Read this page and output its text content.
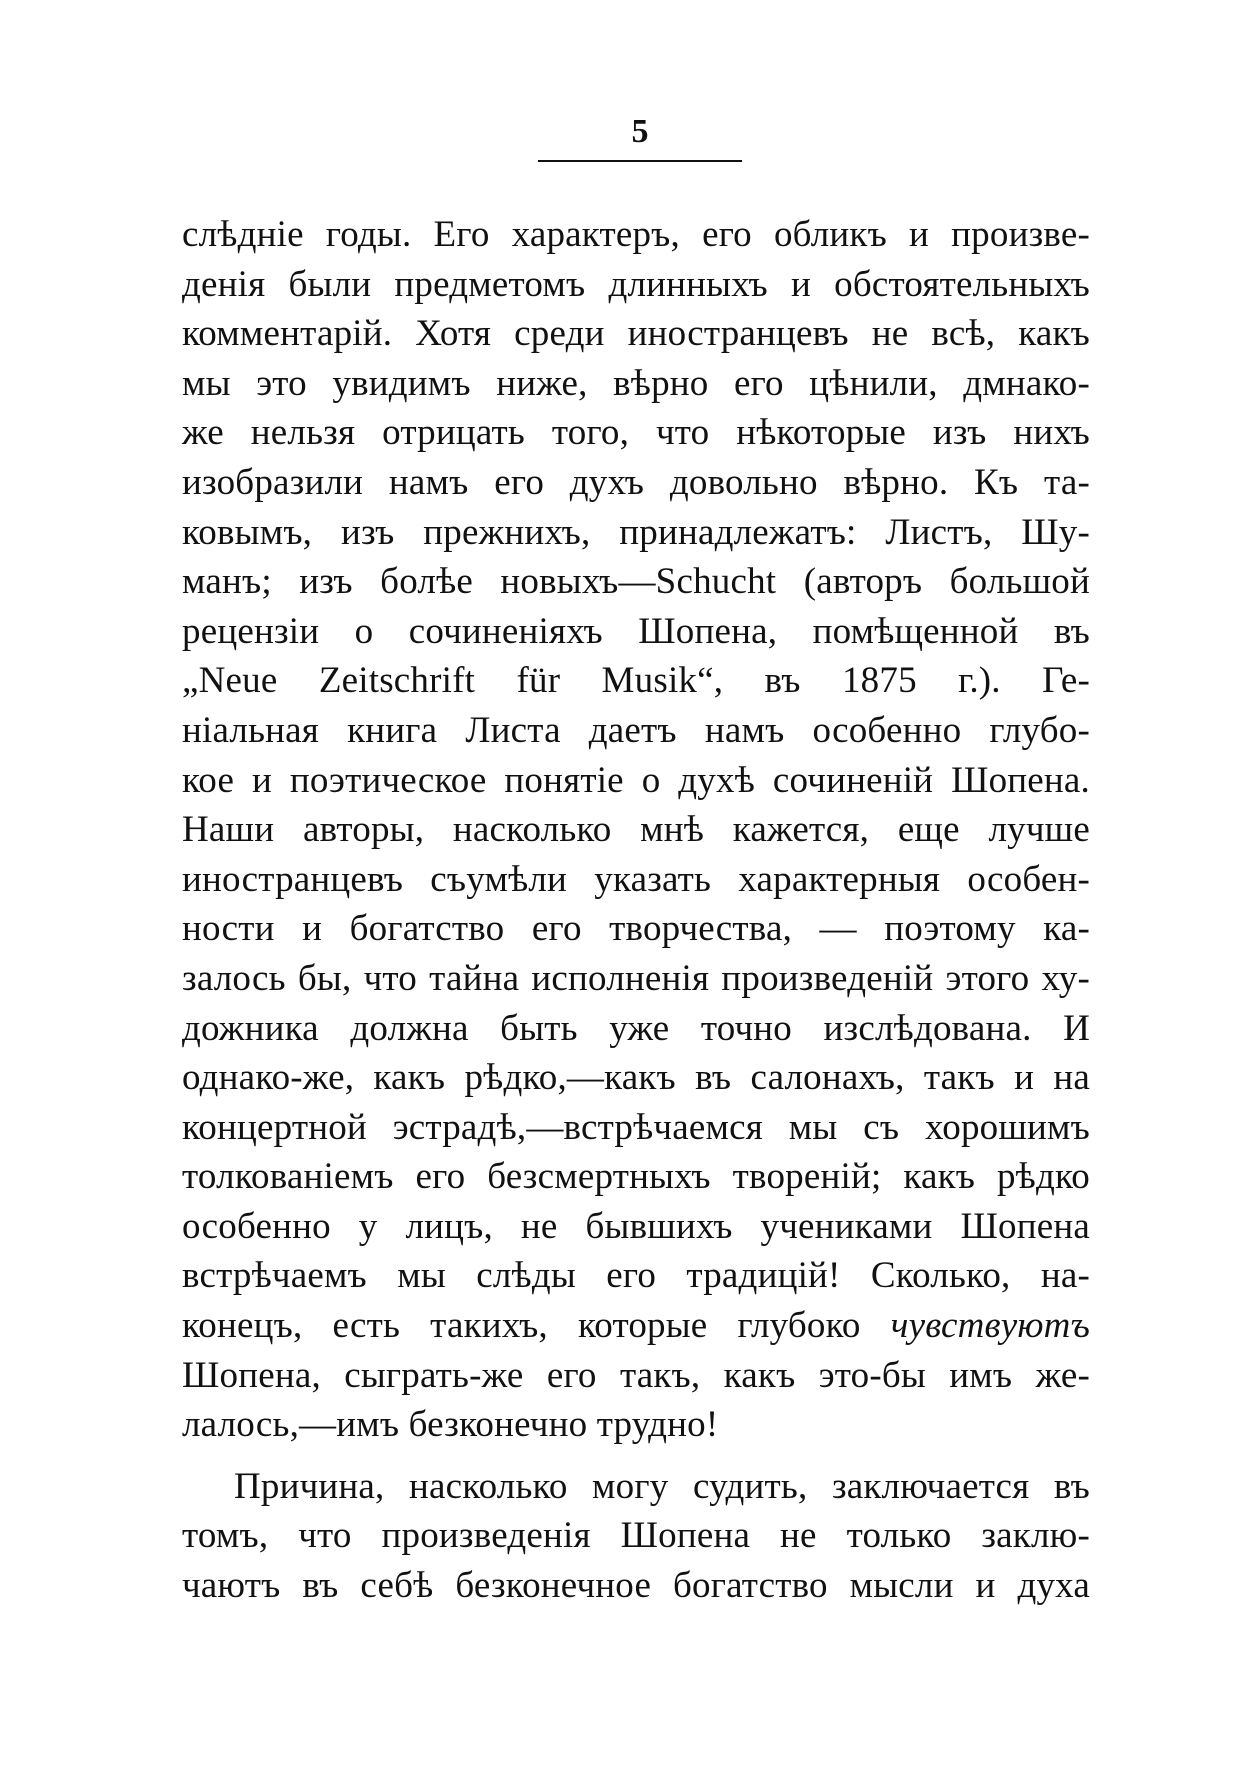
5
слѣдніе годы. Его характеръ, его обликъ и произве-
денія были предметомъ длинныхъ и обстоятельныхъ
комментарій. Хотя среди иностранцевъ не всѣ, какъ
мы это увидимъ ниже, вѣрно его цѣнили, дмнако-
же нельзя отрицать того, что нѣкоторые изъ нихъ
изобразили намъ его духъ довольно вѣрно. Къ та-
ковымъ, изъ прежнихъ, принадлежатъ: Листъ, Шу-
манъ; изъ болѣе новыхъ—Schucht (авторъ большой
рецензіи о сочиненіяхъ Шопена, помѣщенной въ
„Neue Zeitschrift für Musik“, въ 1875 г.). Ге-
ніальная книга Листа даетъ намъ особенно глубо-
кое и поэтическое понятіе о духѣ сочиненій Шопена.
Наши авторы, насколько мнѣ кажется, еще лучше
иностранцевъ съумѣли указать характерныя особен-
ности и богатство его творчества, — поэтому ка-
залось бы, что тайна исполненія произведеній этого ху-
дожника должна быть уже точно изслѣдована. И
однако-же, какъ рѣдко,—какъ въ салонахъ, такъ и на
концертной эстрадѣ,—встрѣчаемся мы съ хорошимъ
толкованіемъ его безсмертныхъ твореній; какъ рѣдко
особенно у лицъ, не бывшихъ учениками Шопена
встрѣчаемъ мы слѣды его традицій! Сколько, на-
конецъ, есть такихъ, которые глубоко чувствуютъ
Шопена, сыграть-же его такъ, какъ это-бы имъ же-
лалось,—имъ безконечно трудно!
Причина, насколько могу судить, заключается въ
томъ, что произведенія Шопена не только заклю-
чаютъ въ себѣ безконечное богатство мысли и духа
